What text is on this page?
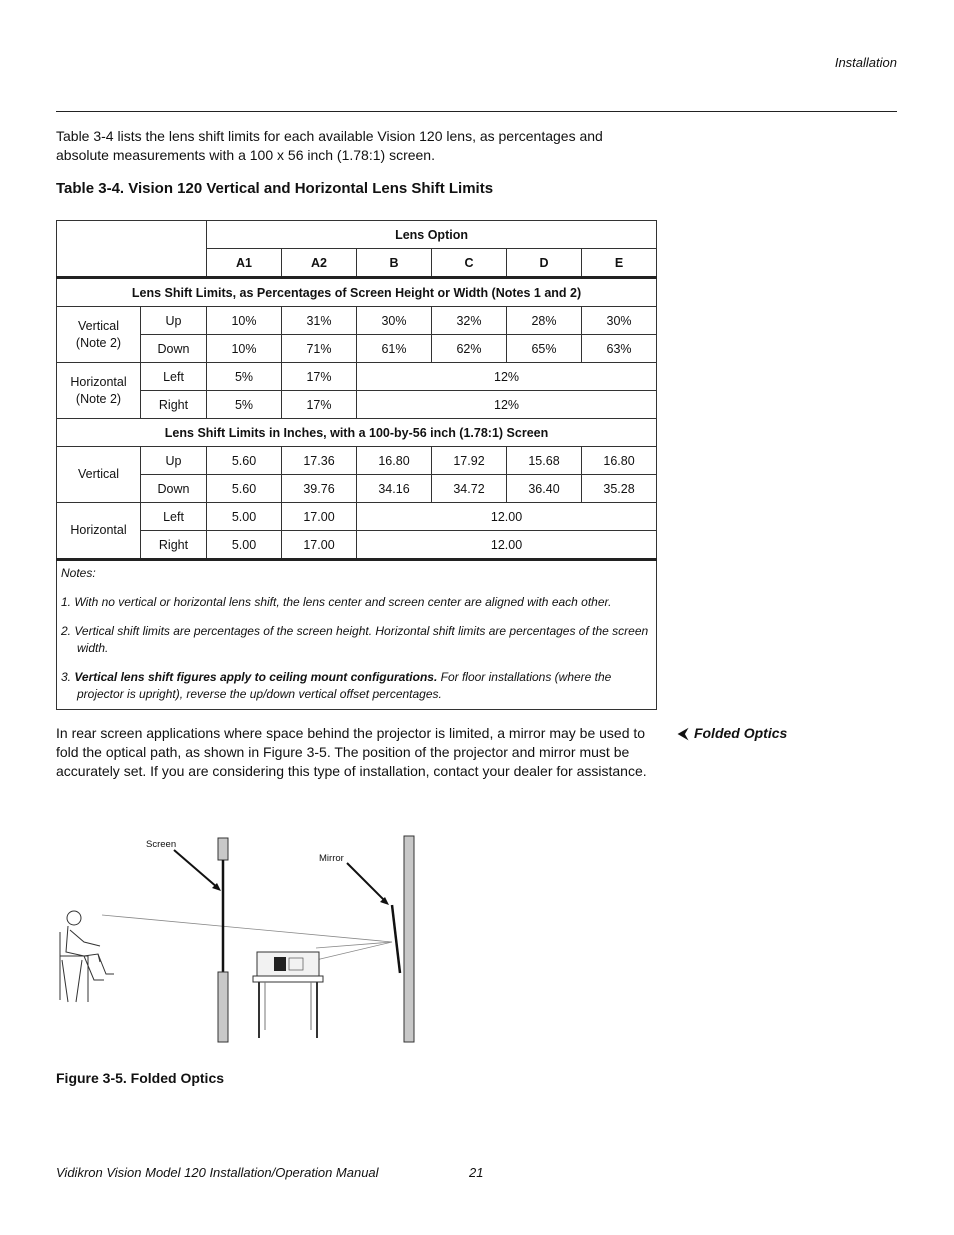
Installation
Table 3-4 lists the lens shift limits for each available Vision 120 lens, as percentages and absolute measurements with a 100 x 56 inch (1.78:1) screen.
Table 3-4. Vision 120 Vertical and Horizontal Lens Shift Limits
		Lens Option					
		A1	A2	B	C	D	E
Lens Shift Limits, as Percentages of Screen Height or Width (Notes 1 and 2)							

Vertical
(Note 2)	Up	10%	31%	30%	32%	28%	30%
	Down	10%	71%	61%	62%	65%	63%

Horizontal
(Note 2)	Left	5%	17%	12%			
	Right	5%	17%	12%			
Lens Shift Limits in Inches, with a 100-by-56 inch (1.78:1) Screen							
Vertical	Up	5.60	17.36	16.80	17.92	15.68	16.80
	Down	5.60	39.76	34.16	34.72	36.40	35.28
Horizontal	Left	5.00	17.00	12.00			
	Right	5.00	17.00	12.00			

Notes:

1. With no vertical or horizontal lens shift, the lens center and screen center are aligned with each other.

2. Vertical shift limits are percentages of the screen height. Horizontal shift limits are percentages of the screen width.

3. Vertical lens shift figures apply to ceiling mount configurations. For floor installations (where the projector is upright), reverse the up/down vertical offset percentages.							

In rear screen applications where space behind the projector is limited, a mirror may be used to fold the optical path, as shown in Figure 3-5. The position of the projector and mirror must be accurately set. If you are considering this type of installation, contact your dealer for assistance.
⮜ Folded Optics
Screen
Mirror
Figure 3-5. Folded Optics
Vidikron Vision Model 120 Installation/Operation Manual	21
